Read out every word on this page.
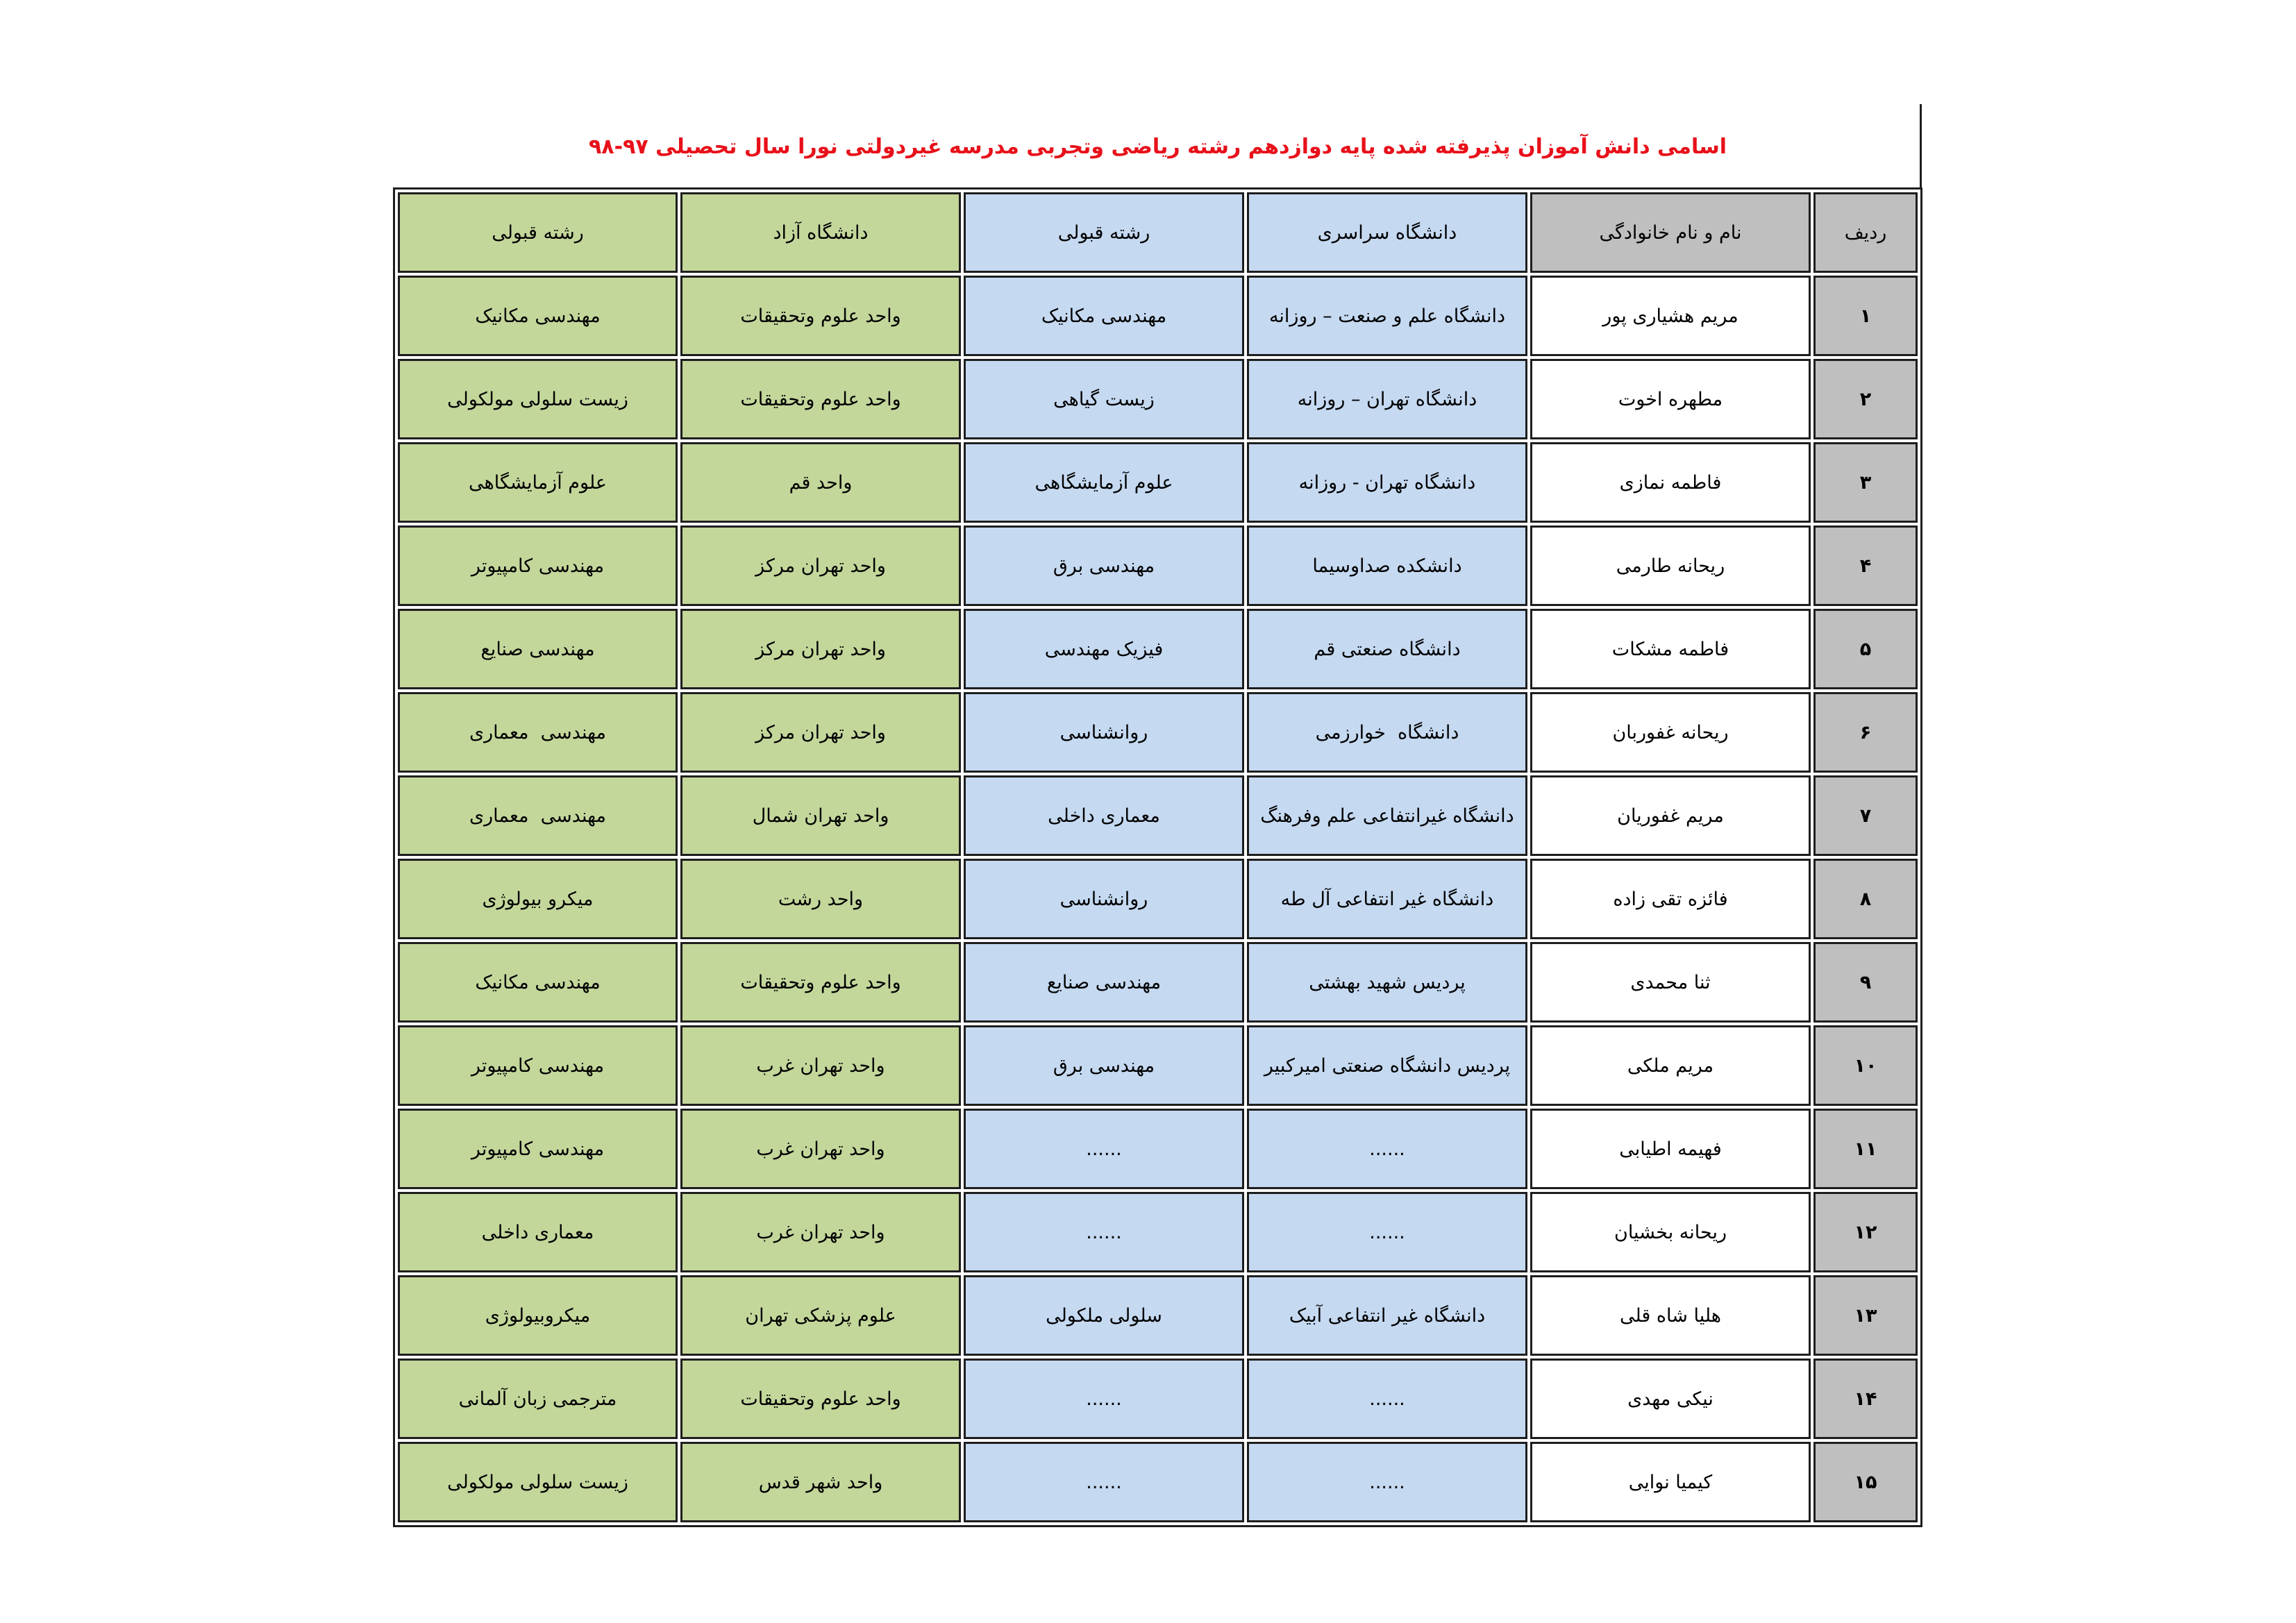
اسامی دانش آموزان پذیرفته شده پایه دوازدهم رشته ریاضی وتجربی مدرسه غیردولتی نورا سال تحصیلی ۹۷-۹۸
ردیف	نام و نام خانوادگی	دانشگاه سراسری	رشته قبولی	دانشگاه آزاد	رشته قبولی
۱	مریم هشیاری پور	دانشگاه علم و صنعت – روزانه	مهندسی مکانیک	واحد علوم وتحقیقات	مهندسی مکانیک
۲	مطهره اخوت	دانشگاه تهران – روزانه	زیست گیاهی	واحد علوم وتحقیقات	زیست سلولی مولکولی
۳	فاطمه نمازی	دانشگاه تهران - روزانه	علوم آزمایشگاهی	واحد قم	علوم آزمایشگاهی
۴	ریحانه طارمی	دانشکده صداوسیما	مهندسی برق	واحد تهران مرکز	مهندسی کامپیوتر
۵	فاطمه مشکات	دانشگاه صنعتی قم	فیزیک مهندسی	واحد تهران مرکز	مهندسی صنایع
۶	ریحانه غفوربان	دانشگاه  خوارزمی	روانشناسی	واحد تهران مرکز	مهندسی  معماری
۷	مریم غفوریان	دانشگاه غیرانتفاعی علم وفرهنگ	معماری داخلی	واحد تهران شمال	مهندسی  معماری
۸	فائزه تقی زاده	دانشگاه غیر انتفاعی آل طه	روانشناسی	واحد رشت	میکرو بیولوژی
۹	ثنا محمدی	پردیس شهید بهشتی	مهندسی صنایع	واحد علوم وتحقیقات	مهندسی مکانیک
۱۰	مریم ملکی	پردیس دانشگاه صنعتی امیرکبیر	مهندسی برق	واحد تهران غرب	مهندسی کامپیوتر
۱۱	فهیمه اطیابی	......	......	واحد تهران غرب	مهندسی کامپیوتر
۱۲	ریحانه بخشیان	......	......	واحد تهران غرب	معماری داخلی
۱۳	هلیا شاه قلی	دانشگاه غیر انتفاعی آبیک	سلولی ملکولی	علوم پزشکی تهران	میکروبیولوژی
۱۴	نیکی مهدی	......	......	واحد علوم وتحقیقات	مترجمی زبان آلمانی
۱۵	کیمیا نوایی	......	......	واحد شهر قدس	زیست سلولی مولکولی
